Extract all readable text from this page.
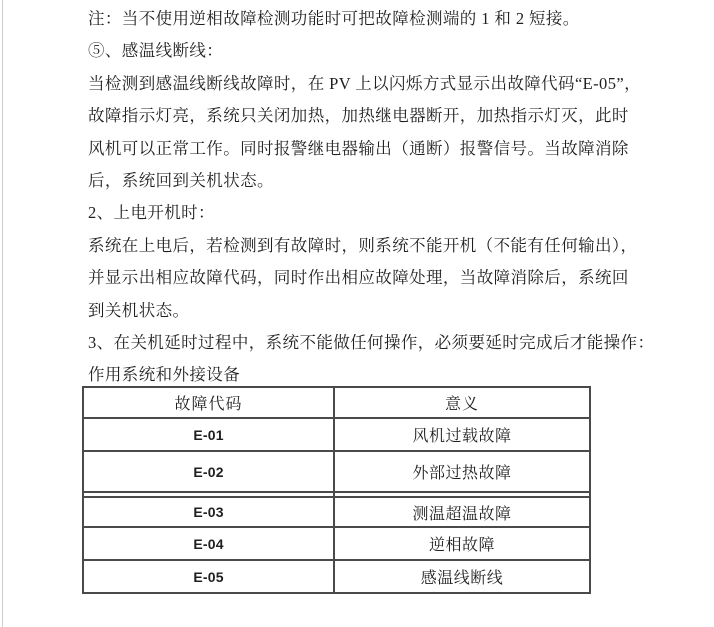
注：当不使用逆相故障检测功能时可把故障检测端的 1 和 2 短接。
⑤、感温线断线：
当检测到感温线断线故障时，在 PV 上以闪烁方式显示出故障代码“E-05”，
故障指示灯亮，系统只关闭加热，加热继电器断开，加热指示灯灭，此时
风机可以正常工作。同时报警继电器输出（通断）报警信号。当故障消除
后，系统回到关机状态。
2、上电开机时：
系统在上电后，若检测到有故障时，则系统不能开机（不能有任何输出），
并显示出相应故障代码，同时作出相应故障处理，当故障消除后，系统回
到关机状态。
3、在关机延时过程中，系统不能做任何操作，必须要延时完成后才能操作：
作用系统和外接设备
故障代码	意义
E-01	风机过载故障
E-02	外部过热故障
E-03	测温超温故障
E-04	逆相故障
E-05	感温线断线
